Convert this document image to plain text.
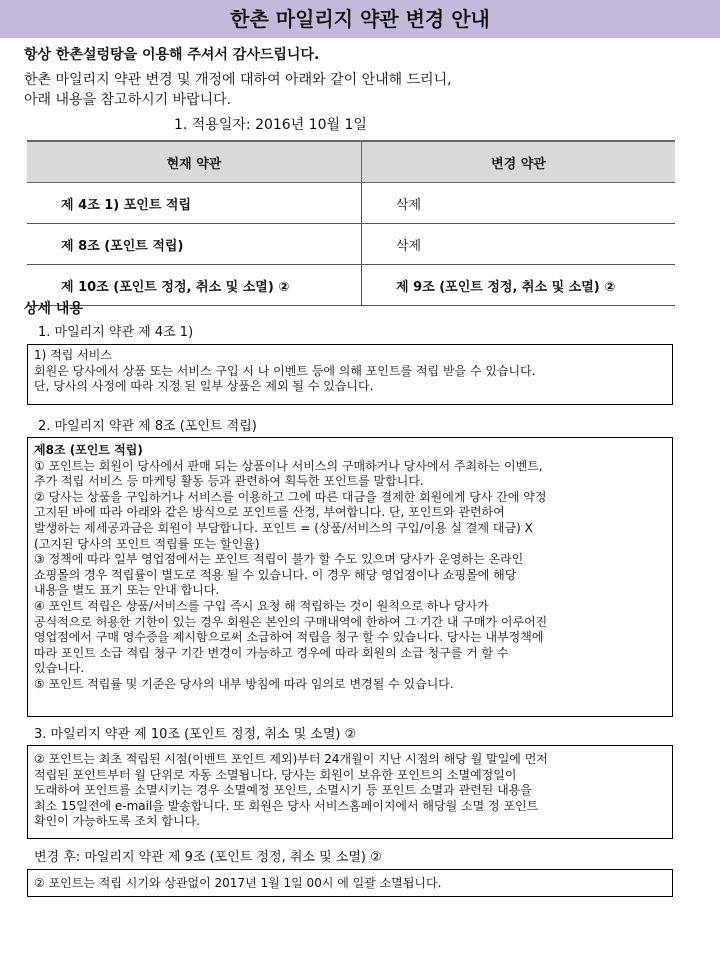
한촌 마일리지 약관 변경 안내
항상 한촌설렁탕을 이용해 주셔서 감사드립니다.
한촌 마일리지 약관 변경 및 개정에 대하여 아래와 같이 안내해 드리니,
아래 내용을 참고하시기 바랍니다.
1. 적용일자: 2016년 10월 1일
현재 약관	변경 약관
제 4조 1) 포인트 적립	삭제
제 8조 (포인트 적립)	삭제
제 10조 (포인트 정정, 취소 및 소멸) ②	제 9조 (포인트 정정, 취소 및 소멸) ②
상세 내용
1. 마일리지 약관 제 4조 1)
1) 적립 서비스
회원은 당사에서 상품 또는 서비스 구입 시 나 이벤트 등에 의해 포인트를 적립 받을 수 있습니다.
단, 당사의 사정에 따라 지정 된 일부 상품은 제외 될 수 있습니다.
2. 마일리지 약관 제 8조 (포인트 적립)
제8조 (포인트 적립)
① 포인트는 회원이 당사에서 판매 되는 상품이나 서비스의 구매하거나 당사에서 주최하는 이벤트,
추가 적립 서비스 등 마케팅 활동 등과 관련하여 획득한 포인트를 말합니다.
② 당사는 상품을 구입하거나 서비스를 이용하고 그에 따른 대금을 결제한 회원에게 당사 간에 약정
고지된 바에 따라 아래와 같은 방식으로 포인트를 산정, 부여합니다. 단, 포인트와 관련하여
발생하는 제세공과금은 회원이 부담합니다. 포인트 = (상품/서비스의 구입/이용 실 결제 대금) X
(고지된 당사의 포인트 적립률 또는 할인율)
③ 정책에 따라 일부 영업점에서는 포인트 적립이 불가 할 수도 있으며 당사가 운영하는 온라인
쇼핑몰의 경우 적립률이 별도로 적용 될 수 있습니다. 이 경우 해당 영업점이나 쇼핑몰에 해당
내용을 별도 표기 또는 안내 합니다.
④ 포인트 적립은 상품/서비스를 구입 즉시 요청 해 적립하는 것이 원칙으로 하나 당사가
공식적으로 허용한 기한이 있는 경우 회원은 본인의 구매내역에 한하여 그 기간 내 구매가 이루어진
영업점에서 구매 영수증을 제시함으로써 소급하여 적립을 청구 할 수 있습니다. 당사는 내부정책에
따라 포인트 소급 적립 청구 기간 변경이 가능하고 경우에 따라 회원의 소급 청구를 거 할 수
있습니다.
⑤ 포인트 적립률 및 기준은 당사의 내부 방침에 따라 임의로 변경될 수 있습니다.
3. 마일리지 약관 제 10조 (포인트 정정, 취소 및 소멸) ②
② 포인트는 최초 적립된 시점(이벤트 포인트 제외)부터 24개월이 지난 시점의 해당 월 말일에 먼저
적립된 포인트부터 월 단위로 자동 소멸됩니다. 당사는 회원이 보유한 포인트의 소멸예정일이
도래하여 포인트를 소멸시키는 경우 소멸예정 포인트, 소멸시기 등 포인트 소멸과 관련된 내용을
최소 15일전에 e-mail을 발송합니다. 또 회원은 당사 서비스홈페이지에서 해당월 소멸 정 포인트
확인이 가능하도록 조치 합니다.
변경 후: 마일리지 약관 제 9조 (포인트 정정, 취소 및 소멸) ②
② 포인트는 적립 시기와 상관없이 2017년 1월 1일 00시 에 일괄 소멸됩니다.
